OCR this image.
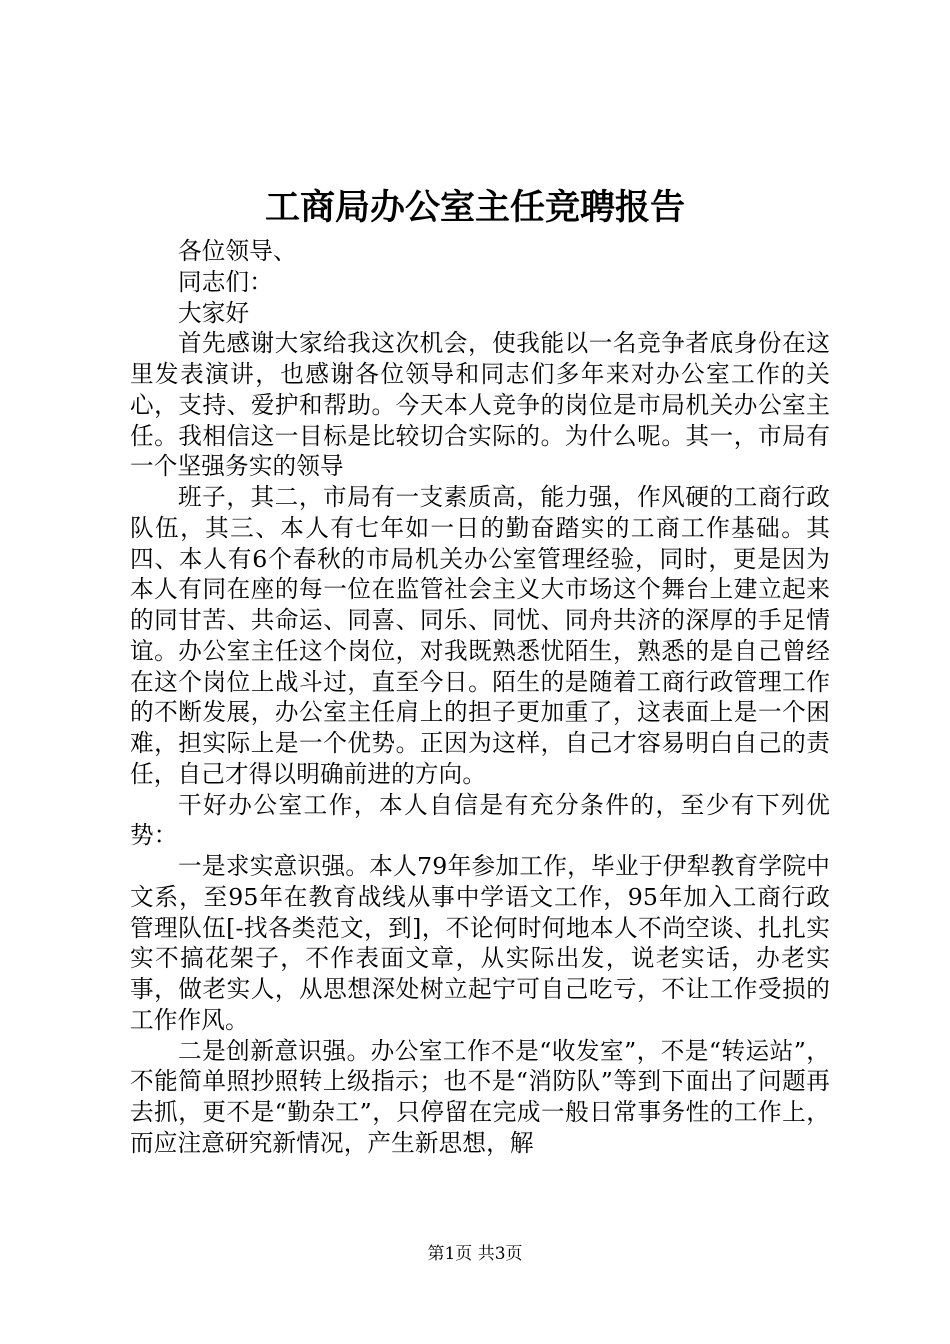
工商局办公室主任竞聘报告

各位领导、

同志们：

大家好

首先感谢大家给我这次机会，使我能以一名竞争者底身份在这里发表演讲，也感谢各位领导和同志们多年来对办公室工作的关心，支持、爱护和帮助。今天本人竞争的岗位是市局机关办公室主任。我相信这一目标是比较切合实际的。为什么呢。其一，市局有一个坚强务实的领导

班子，其二，市局有一支素质高，能力强，作风硬的工商行政队伍，其三、本人有七年如一日的勤奋踏实的工商工作基础。其四、本人有6个春秋的市局机关办公室管理经验，同时，更是因为本人有同在座的每一位在监管社会主义大市场这个舞台上建立起来的同甘苦、共命运、同喜、同乐、同忧、同舟共济的深厚的手足情谊。办公室主任这个岗位，对我既熟悉忧陌生，熟悉的是自己曾经在这个岗位上战斗过，直至今日。陌生的是随着工商行政管理工作的不断发展，办公室主任肩上的担子更加重了，这表面上是一个困难，担实际上是一个优势。正因为这样，自己才容易明白自己的责任，自己才得以明确前进的方向。

干好办公室工作，本人自信是有充分条件的，至少有下列优势：

一是求实意识强。本人79年参加工作，毕业于伊犁教育学院中文系，至95年在教育战线从事中学语文工作，95年加入工商行政管理队伍[-找各类范文，到]，不论何时何地本人不尚空谈、扎扎实实不搞花架子，不作表面文章，从实际出发，说老实话，办老实事，做老实人，从思想深处树立起宁可自己吃亏，不让工作受损的工作作风。

二是创新意识强。办公室工作不是“收发室”，不是“转运站”，不能简单照抄照转上级指示；也不是“消防队”等到下面出了问题再去抓，更不是“勤杂工”，只停留在完成一般日常事务性的工作上，而应注意研究新情况，产生新思想，解

第1页 共3页
